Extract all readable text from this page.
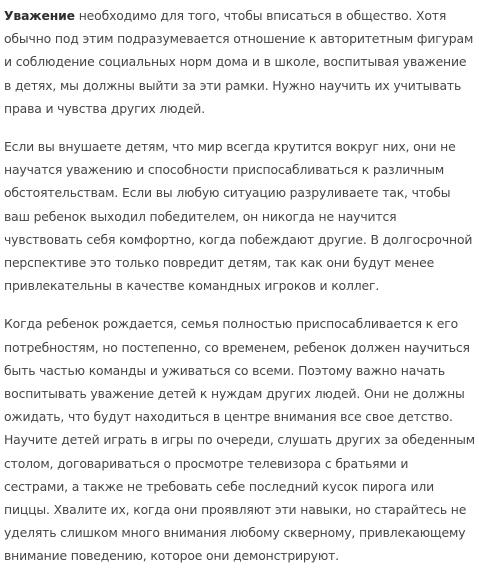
Уважение необходимо для того, чтобы вписаться в общество. Хотя
обычно под этим подразумевается отношение к авторитетным фигурам
и соблюдение социальных норм дома и в школе, воспитывая уважение
в детях, мы должны выйти за эти рамки. Нужно научить их учитывать
права и чувства других людей.

Если вы внушаете детям, что мир всегда крутится вокруг них, они не
научатся уважению и способности приспосабливаться к различным
обстоятельствам. Если вы любую ситуацию разруливаете так, чтобы
ваш ребенок выходил победителем, он никогда не научится
чувствовать себя комфортно, когда побеждают другие. В долгосрочной
перспективе это только повредит детям, так как они будут менее
привлекательны в качестве командных игроков и коллег.

Когда ребенок рождается, семья полностью приспосабливается к его
потребностям, но постепенно, со временем, ребенок должен научиться
быть частью команды и уживаться со всеми. Поэтому важно начать
воспитывать уважение детей к нуждам других людей. Они не должны
ожидать, что будут находиться в центре внимания все свое детство.
Научите детей играть в игры по очереди, слушать других за обеденным
столом, договариваться о просмотре телевизора с братьями и
сестрами, а также не требовать себе последний кусок пирога или
пиццы. Хвалите их, когда они проявляют эти навыки, но старайтесь не
уделять слишком много внимания любому скверному, привлекающему
внимание поведению, которое они демонстрируют.
